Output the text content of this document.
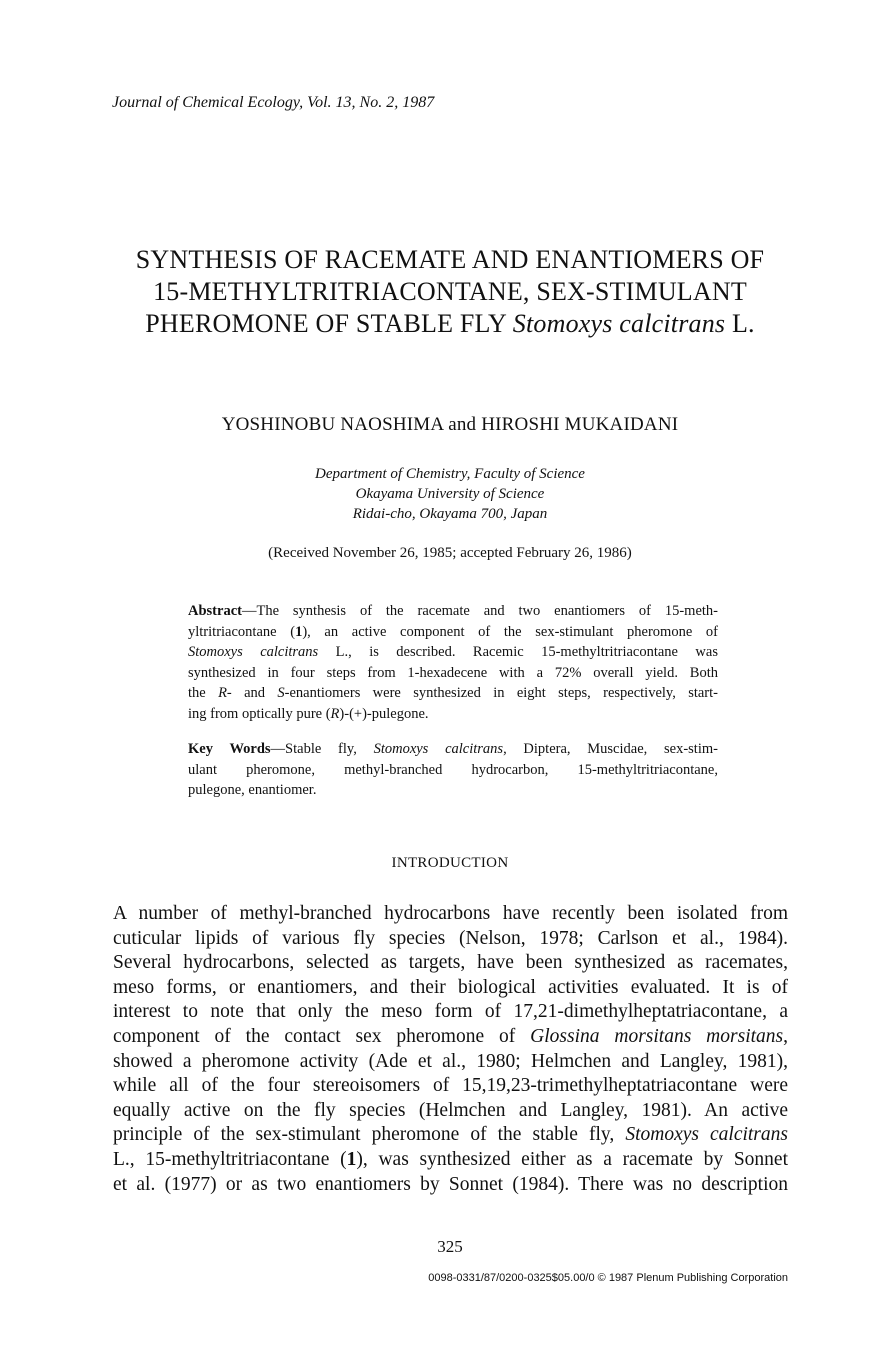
Journal of Chemical Ecology, Vol. 13, No. 2, 1987
SYNTHESIS OF RACEMATE AND ENANTIOMERS OF
15-METHYLTRITRIACONTANE, SEX-STIMULANT
PHEROMONE OF STABLE FLY Stomoxys calcitrans L.
YOSHINOBU NAOSHIMA and HIROSHI MUKAIDANI
Department of Chemistry, Faculty of Science
Okayama University of Science
Ridai-cho, Okayama 700, Japan
(Received November 26, 1985; accepted February 26, 1986)
Abstract—The synthesis of the racemate and two enantiomers of 15-meth-
yltritriacontane (1), an active component of the sex-stimulant pheromone of
Stomoxys calcitrans L., is described. Racemic 15-methyltritriacontane was
synthesized in four steps from 1-hexadecene with a 72% overall yield. Both
the R- and S-enantiomers were synthesized in eight steps, respectively, start-
ing from optically pure (R)-(+)-pulegone.
Key Words—Stable fly, Stomoxys calcitrans, Diptera, Muscidae, sex-stim-
ulant pheromone, methyl-branched hydrocarbon, 15-methyltritriacontane,
pulegone, enantiomer.
INTRODUCTION
A number of methyl-branched hydrocarbons have recently been isolated from
cuticular lipids of various fly species (Nelson, 1978; Carlson et al., 1984).
Several hydrocarbons, selected as targets, have been synthesized as racemates,
meso forms, or enantiomers, and their biological activities evaluated. It is of
interest to note that only the meso form of 17,21-dimethylheptatriacontane, a
component of the contact sex pheromone of Glossina morsitans morsitans,
showed a pheromone activity (Ade et al., 1980; Helmchen and Langley, 1981),
while all of the four stereoisomers of 15,19,23-trimethylheptatriacontane were
equally active on the fly species (Helmchen and Langley, 1981). An active
principle of the sex-stimulant pheromone of the stable fly, Stomoxys calcitrans
L., 15-methyltritriacontane (1), was synthesized either as a racemate by Sonnet
et al. (1977) or as two enantiomers by Sonnet (1984). There was no description
325
0098-0331/87/0200-0325$05.00/0 © 1987 Plenum Publishing Corporation
